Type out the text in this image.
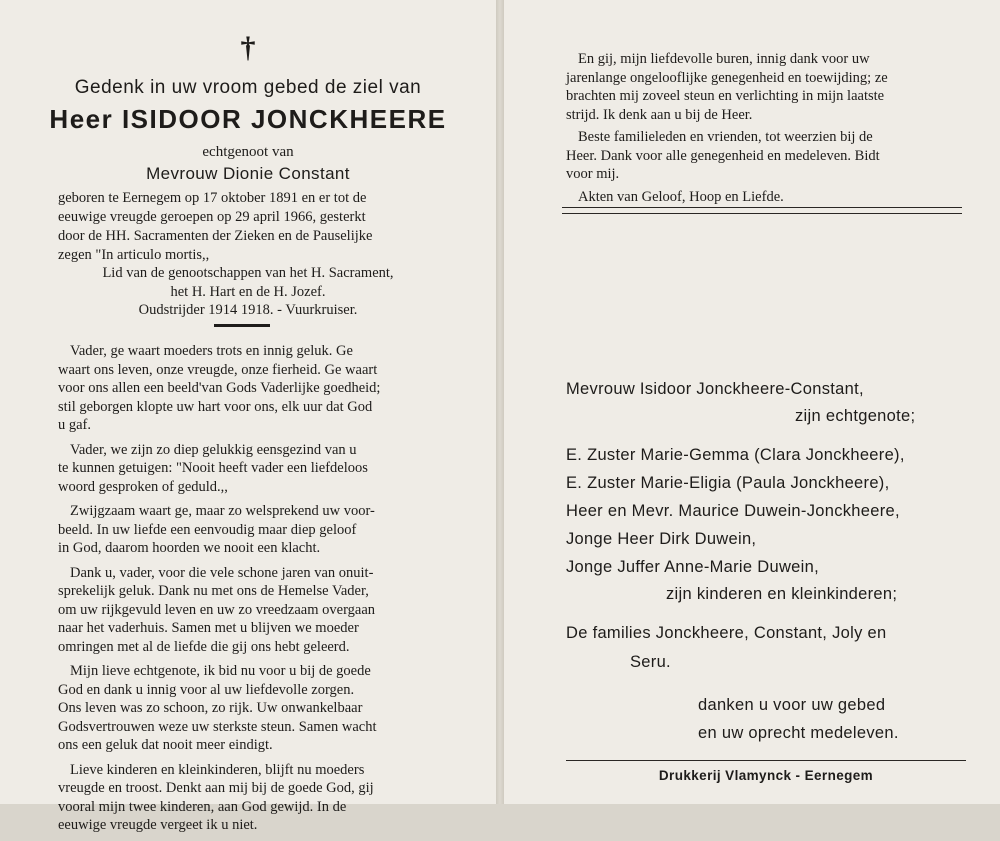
†
Gedenk in uw vroom gebed de ziel van
Heer ISIDOOR JONCKHEERE
echtgenoot van
Mevrouw Dionie Constant
geboren te Eernegem op 17 oktober 1891 en er tot de
eeuwige vreugde geroepen op 29 april 1966, gesterkt
door de HH. Sacramenten der Zieken en de Pauselijke
zegen "In articulo mortis,,
Lid van de genootschappen van het H. Sacrament,
het H. Hart en de H. Jozef.
Oudstrijder 1914 1918. - Vuurkruiser.

Vader, ge waart moeders trots en innig geluk. Ge
waart ons leven, onze vreugde, onze fierheid. Ge waart
voor ons allen een beeld'van Gods Vaderlijke goedheid;
stil geborgen klopte uw hart voor ons, elk uur dat God
u gaf.

Vader, we zijn zo diep gelukkig eensgezind van u
te kunnen getuigen: "Nooit heeft vader een liefdeloos
woord gesproken of geduld.,,

Zwijgzaam waart ge, maar zo welsprekend uw voor-
beeld. In uw liefde een eenvoudig maar diep geloof
in God, daarom hoorden we nooit een klacht.

Dank u, vader, voor die vele schone jaren van onuit-
sprekelijk geluk. Dank nu met ons de Hemelse Vader,
om uw rijkgevuld leven en uw zo vreedzaam overgaan
naar het vaderhuis. Samen met u blijven we moeder
omringen met al de liefde die gij ons hebt geleerd.

Mijn lieve echtgenote, ik bid nu voor u bij de goede
God en dank u innig voor al uw liefdevolle zorgen.
Ons leven was zo schoon, zo rijk. Uw onwankelbaar
Godsvertrouwen weze uw sterkste steun. Samen wacht
ons een geluk dat nooit meer eindigt.

Lieve kinderen en kleinkinderen, blijft nu moeders
vreugde en troost. Denkt aan mij bij de goede God, gij
vooral mijn twee kinderen, aan God gewijd. In de
eeuwige vreugde vergeet ik u niet.

En gij, mijn liefdevolle buren, innig dank voor uw
jarenlange ongelooflijke genegenheid en toewijding; ze
brachten mij zoveel steun en verlichting in mijn laatste
strijd. Ik denk aan u bij de Heer.

Beste familieleden en vrienden, tot weerzien bij de
Heer. Dank voor alle genegenheid en medeleven. Bidt
voor mij.

Akten van Geloof, Hoop en Liefde.

Mevrouw Isidoor Jonckheere-Constant,
zijn echtgenote;
E. Zuster Marie-Gemma (Clara Jonckheere),
E. Zuster Marie-Eligia (Paula Jonckheere),
Heer en Mevr. Maurice Duwein-Jonckheere,
Jonge Heer Dirk Duwein,
Jonge Juffer Anne-Marie Duwein,
zijn kinderen en kleinkinderen;
De families Jonckheere, Constant, Joly en
Seru.
danken u voor uw gebed
en uw oprecht medeleven.
Drukkerij Vlamynck - Eernegem
